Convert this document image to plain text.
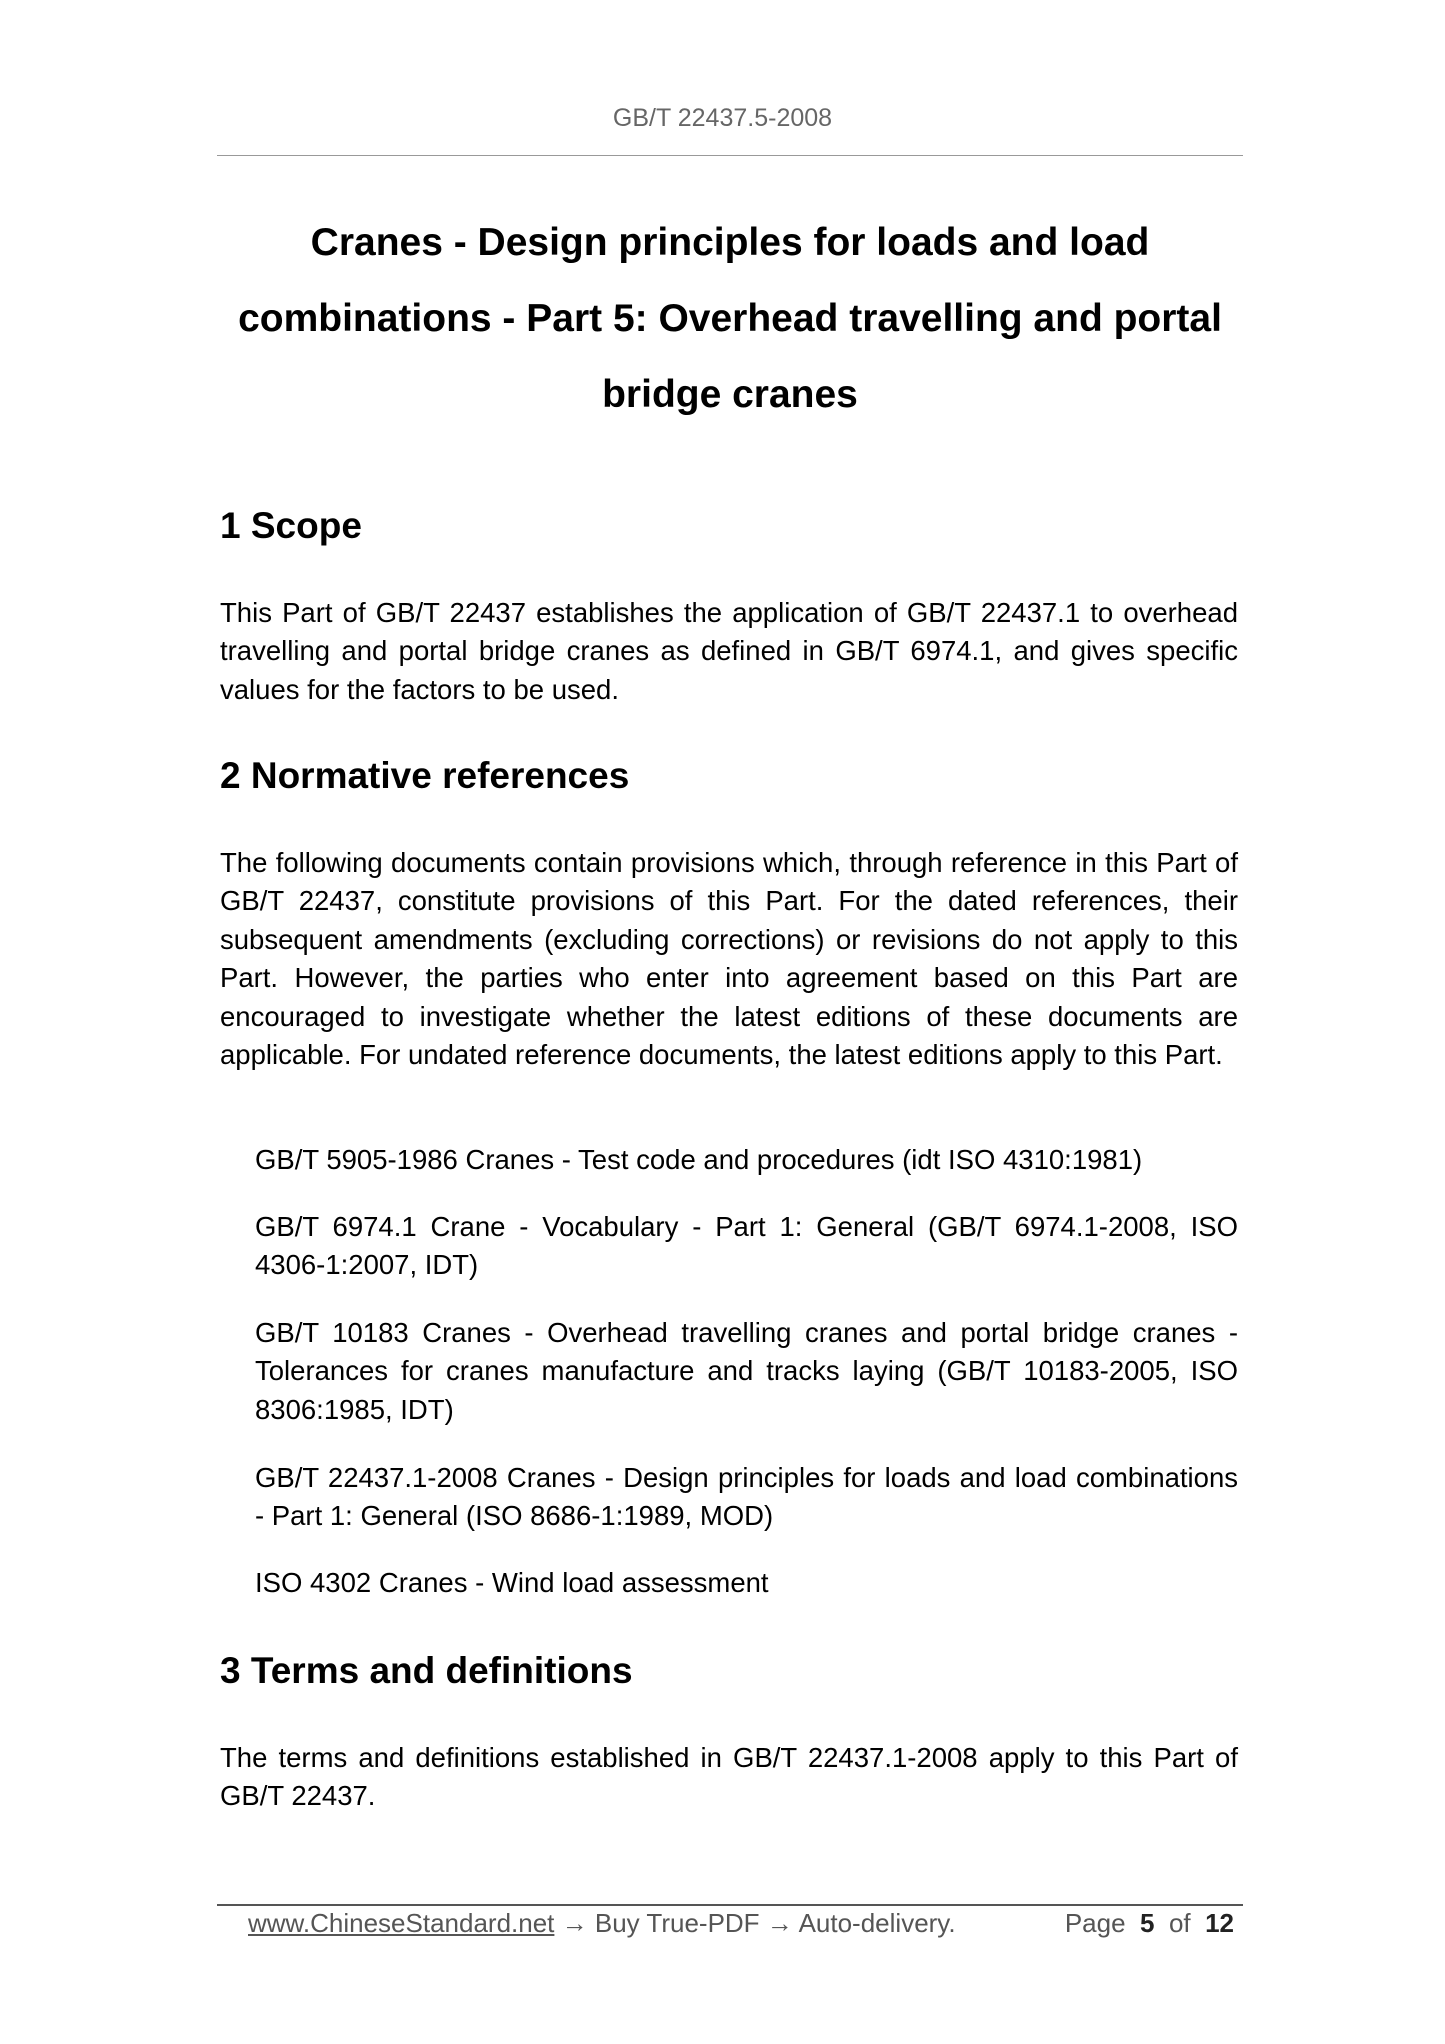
GB/T 22437.5-2008
Cranes - Design principles for loads and load combinations - Part 5: Overhead travelling and portal bridge cranes
1 Scope
This Part of GB/T 22437 establishes the application of GB/T 22437.1 to overhead travelling and portal bridge cranes as defined in GB/T 6974.1, and gives specific values for the factors to be used.
2 Normative references
The following documents contain provisions which, through reference in this Part of GB/T 22437, constitute provisions of this Part. For the dated references, their subsequent amendments (excluding corrections) or revisions do not apply to this Part. However, the parties who enter into agreement based on this Part are encouraged to investigate whether the latest editions of these documents are applicable. For undated reference documents, the latest editions apply to this Part.
GB/T 5905-1986 Cranes - Test code and procedures (idt ISO 4310:1981)
GB/T 6974.1 Crane - Vocabulary - Part 1: General (GB/T 6974.1-2008, ISO 4306-1:2007, IDT)
GB/T 10183 Cranes - Overhead travelling cranes and portal bridge cranes - Tolerances for cranes manufacture and tracks laying (GB/T 10183-2005, ISO 8306:1985, IDT)
GB/T 22437.1-2008 Cranes - Design principles for loads and load combinations - Part 1: General (ISO 8686-1:1989, MOD)
ISO 4302 Cranes - Wind load assessment
3 Terms and definitions
The terms and definitions established in GB/T 22437.1-2008 apply to this Part of GB/T 22437.
www.ChineseStandard.net → Buy True-PDF → Auto-delivery.	Page 5 of 12
